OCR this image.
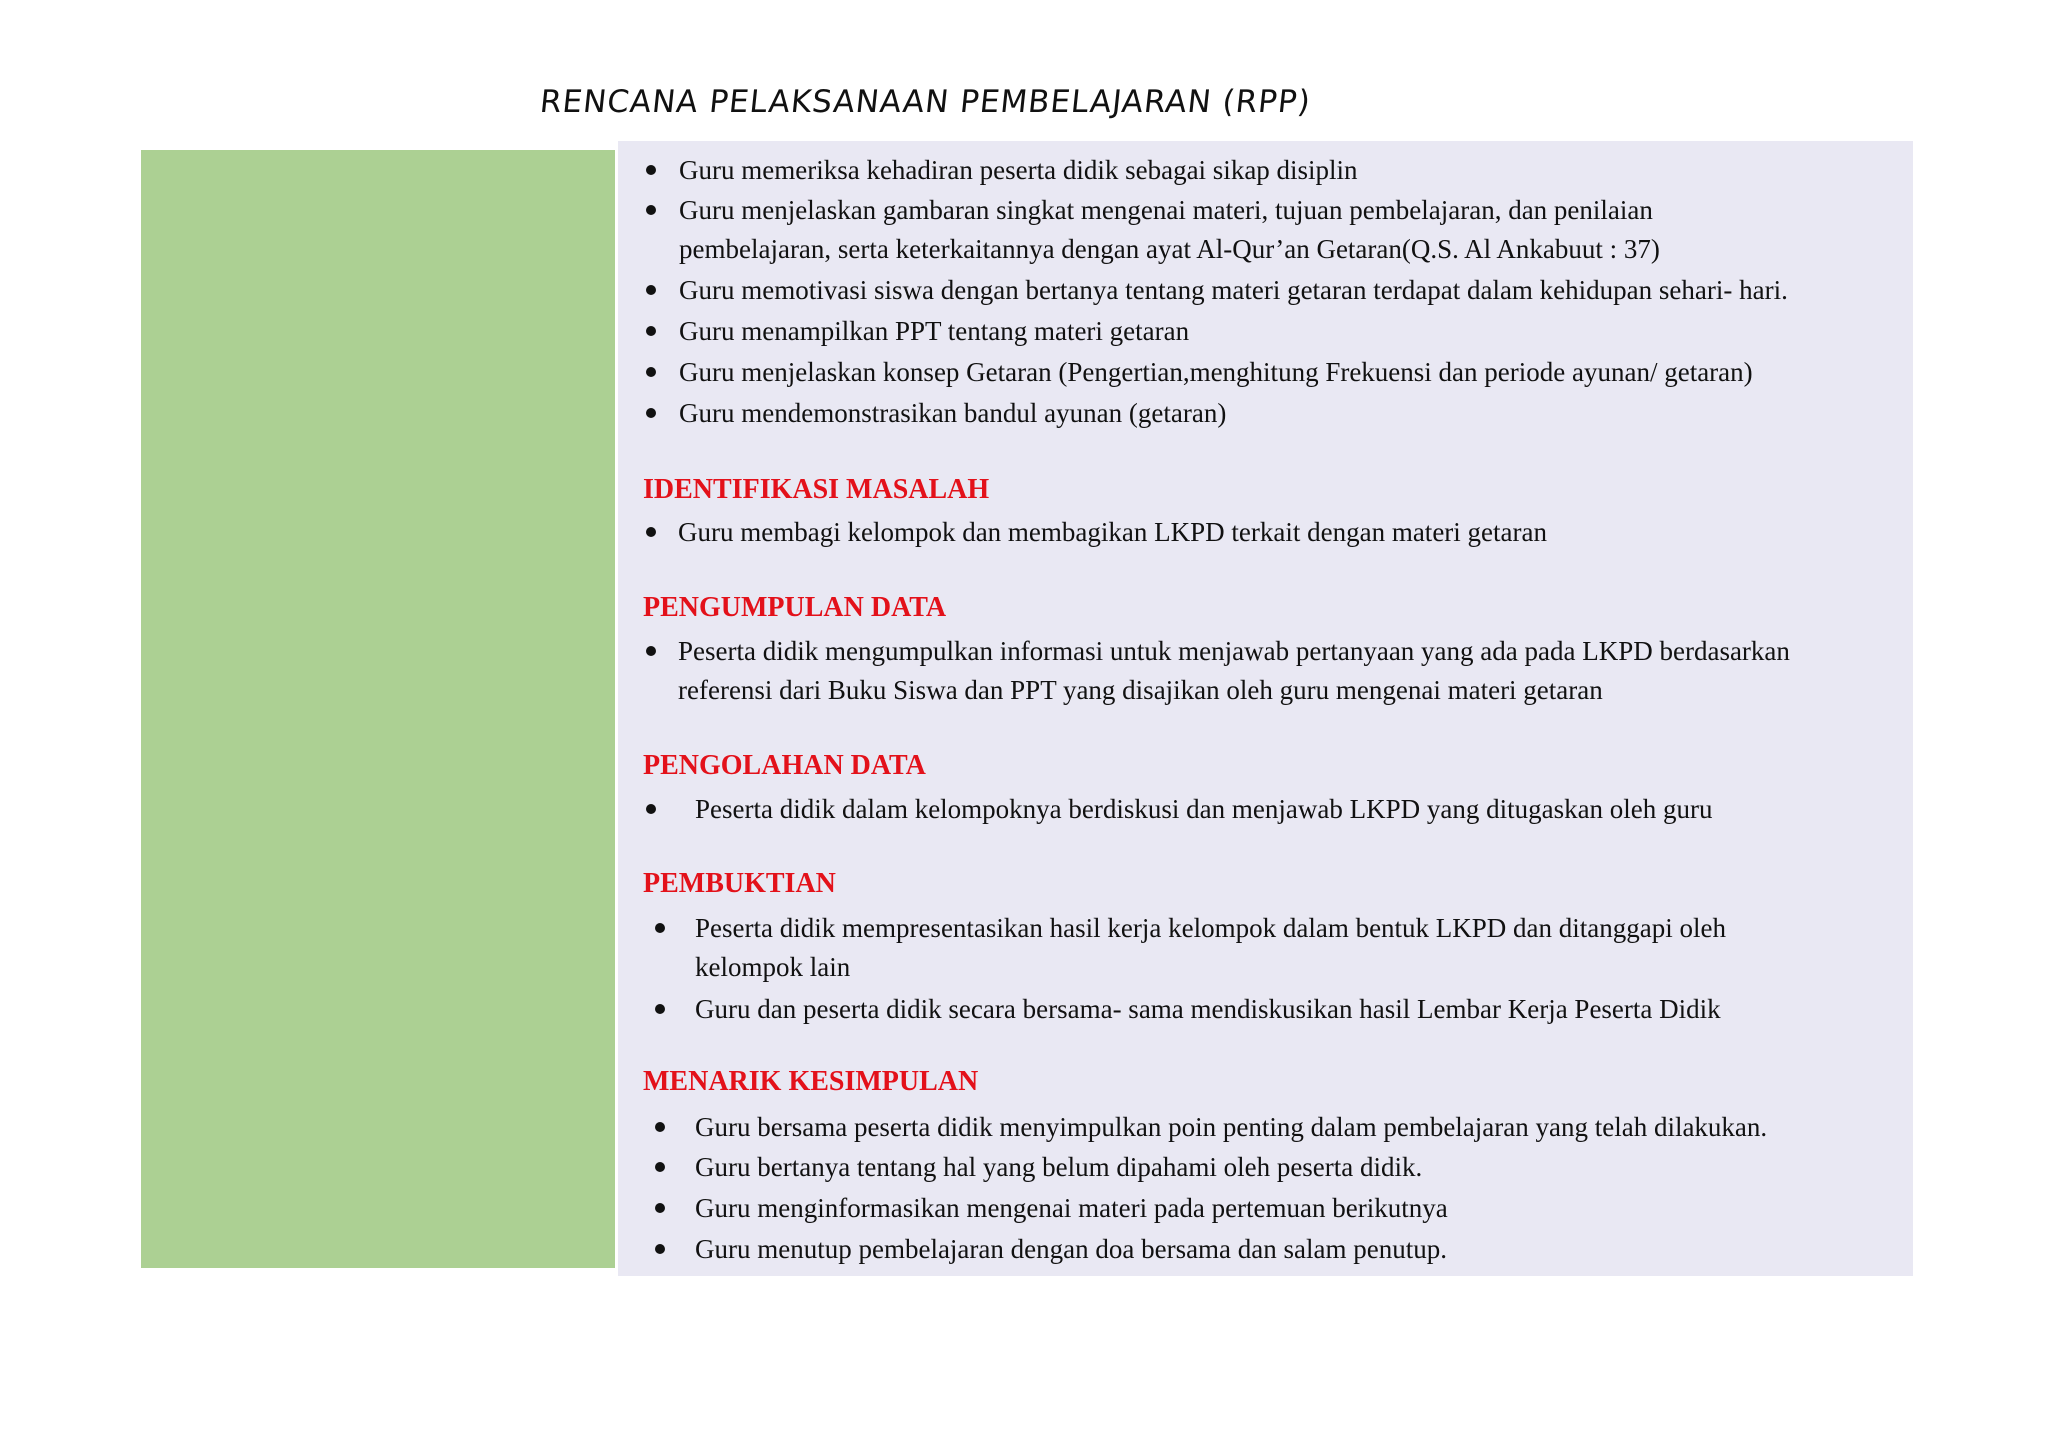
RENCANA PELAKSANAAN PEMBELAJARAN (RPP)
Guru memeriksa kehadiran peserta didik sebagai sikap disiplin
Guru menjelaskan gambaran singkat mengenai materi, tujuan pembelajaran, dan penilaian
pembelajaran, serta keterkaitannya dengan ayat Al-Qur’an Getaran(Q.S. Al Ankabuut : 37)
Guru memotivasi siswa dengan bertanya tentang materi getaran terdapat dalam kehidupan sehari- hari.
Guru menampilkan PPT tentang materi getaran
Guru menjelaskan konsep Getaran (Pengertian,menghitung Frekuensi dan periode ayunan/ getaran)
Guru mendemonstrasikan bandul ayunan (getaran)
IDENTIFIKASI MASALAH
Guru membagi kelompok dan membagikan LKPD terkait dengan materi getaran
PENGUMPULAN DATA
Peserta didik mengumpulkan informasi untuk menjawab pertanyaan yang ada pada LKPD berdasarkan
referensi dari Buku Siswa dan PPT yang disajikan oleh guru mengenai materi getaran
PENGOLAHAN DATA
Peserta didik dalam kelompoknya berdiskusi dan menjawab LKPD yang ditugaskan oleh guru
PEMBUKTIAN
Peserta didik mempresentasikan hasil kerja kelompok dalam bentuk LKPD dan ditanggapi oleh
kelompok lain
Guru dan peserta didik secara bersama- sama mendiskusikan hasil Lembar Kerja Peserta Didik
MENARIK KESIMPULAN
Guru bersama peserta didik menyimpulkan poin penting dalam pembelajaran yang telah dilakukan.
Guru bertanya tentang hal yang belum dipahami oleh peserta didik.
Guru menginformasikan mengenai materi pada pertemuan berikutnya
Guru menutup pembelajaran dengan doa bersama dan salam penutup.
